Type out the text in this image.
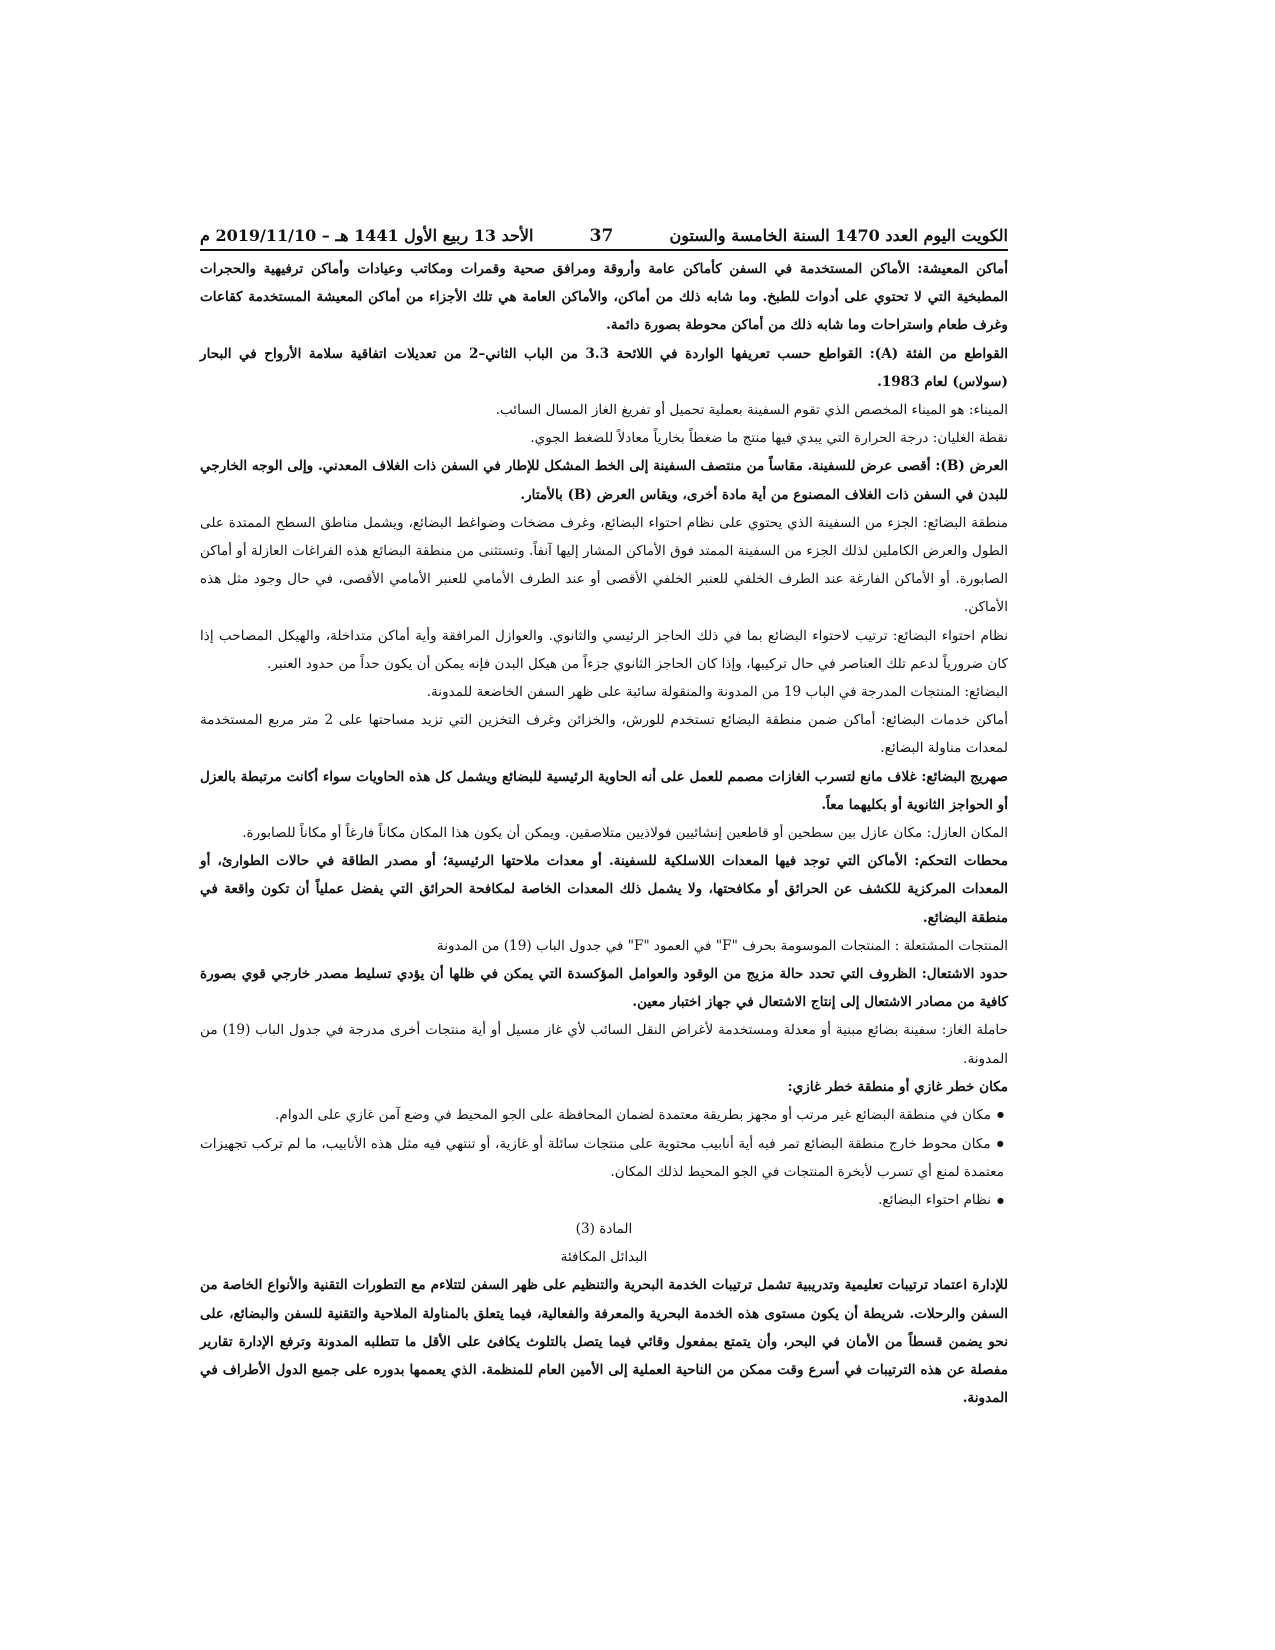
الكويت اليوم العدد 1470 السنة الخامسة والستون
37
الأحد 13 ربيع الأول 1441 هـ – 2019/11/10 م

أماكن المعيشة: الأماكن المستخدمة في السفن كأماكن عامة وأروقة ومرافق صحية وقمرات ومكاتب وعيادات وأماكن ترفيهية والحجرات المطبخية التي لا تحتوي على أدوات للطبخ. وما شابه ذلك من أماكن، والأماكن العامة هي تلك الأجزاء من أماكن المعيشة المستخدمة كقاعات وغرف طعام واستراحات وما شابه ذلك من أماكن محوطة بصورة دائمة.

القواطع من الفئة (A): القواطع حسب تعريفها الواردة في اللائحة 3.3 من الباب الثاني–2 من تعديلات اتفاقية سلامة الأرواح في البحار (سولاس) لعام 1983.

الميناء: هو الميناء المخصص الذي تقوم السفينة بعملية تحميل أو تفريغ الغاز المسال السائب.

نقطة الغليان: درجة الحرارة التي يبدي فيها منتج ما ضغطاً بخارياً معادلاً للضغط الجوي.

العرض (B): أقصى عرض للسفينة. مقاساً من منتصف السفينة إلى الخط المشكل للإطار في السفن ذات الغلاف المعدني. وإلى الوجه الخارجي للبدن في السفن ذات الغلاف المصنوع من أية مادة أخرى، ويقاس العرض (B) بالأمتار.

منطقة البضائع: الجزء من السفينة الذي يحتوي على نظام احتواء البضائع، وغرف مضخات وضواغط البضائع، ويشمل مناطق السطح الممتدة على الطول والعرض الكاملين لذلك الجزء من السفينة الممتد فوق الأماكن المشار إليها آنفاً. وتستثنى من منطقة البضائع هذه الفراغات العازلة أو أماكن الصابورة. أو الأماكن الفارغة عند الطرف الخلفي للعنبر الخلفي الأقصى أو عند الطرف الأمامي للعنبر الأمامي الأقصى، في حال وجود مثل هذه الأماكن.

نظام احتواء البضائع: ترتيب لاحتواء البضائع بما في ذلك الحاجز الرئيسي والثانوي. والعوازل المرافقة وأية أماكن متداخلة، والهيكل المصاحب إذا كان ضرورياً لدعم تلك العناصر في حال تركيبها، وإذا كان الحاجز الثانوي جزءاً من هيكل البدن فإنه يمكن أن يكون حداً من حدود العنبر.

البضائع: المنتجات المدرجة في الباب 19 من المدونة والمنقولة سائبة على ظهر السفن الخاضعة للمدونة.

أماكن خدمات البضائع: أماكن ضمن منطقة البضائع تستخدم للورش، والخزائن وغرف التخزين التي تزيد مساحتها على 2 متر مربع المستخدمة لمعدات مناولة البضائع.

صهريج البضائع: غلاف مانع لتسرب الغازات مصمم للعمل على أنه الحاوية الرئيسية للبضائع ويشمل كل هذه الحاويات سواء أكانت مرتبطة بالعزل أو الحواجز الثانوية أو بكليهما معاً.

المكان العازل: مكان عازل بين سطحين أو قاطعين إنشائيين فولاذيين متلاصقين. ويمكن أن يكون هذا المكان مكاناً فارغاً أو مكاناً للصابورة.

محطات التحكم: الأماكن التي توجد فيها المعدات اللاسلكية للسفينة. أو معدات ملاحتها الرئيسية؛ أو مصدر الطاقة في حالات الطوارئ، أو المعدات المركزية للكشف عن الحرائق أو مكافحتها، ولا يشمل ذلك المعدات الخاصة لمكافحة الحرائق التي يفضل عملياً أن تكون واقعة في منطقة البضائع.

المنتجات المشتعلة : المنتجات الموسومة بحرف "F" في العمود "F" في جدول الباب (19) من المدونة

حدود الاشتعال: الظروف التي تحدد حالة مزيج من الوقود والعوامل المؤكسدة التي يمكن في ظلها أن يؤدي تسليط مصدر خارجي قوي بصورة كافية من مصادر الاشتعال إلى إنتاج الاشتعال في جهاز اختبار معين.

حاملة الغاز: سفينة بضائع مبنية أو معدلة ومستخدمة لأغراض النقل السائب لأي غاز مسيل أو أية منتجات أخرى مدرجة في جدول الباب (19) من المدونة.

مكان خطر غازي أو منطقة خطر غازي:

● مكان في منطقة البضائع غير مرتب أو مجهز بطريقة معتمدة لضمان المحافظة على الجو المحيط في وضع آمن غازي على الدوام.

● مكان محوط خارج منطقة البضائع تمر فيه أية أنابيب محتوية على منتجات سائلة أو غازية، أو تنتهي فيه مثل هذه الأنابيب، ما لم تركب تجهيزات معتمدة لمنع أي تسرب لأبخرة المنتجات في الجو المحيط لذلك المكان.

● نظام احتواء البضائع.

المادة (3)

البدائل المكافئة

للإدارة اعتماد ترتيبات تعليمية وتدريبية تشمل ترتيبات الخدمة البحرية والتنظيم على ظهر السفن لتتلاءم مع التطورات التقنية والأنواع الخاصة من السفن والرحلات. شريطة أن يكون مستوى هذه الخدمة البحرية والمعرفة والفعالية، فيما يتعلق بالمناولة الملاحية والتقنية للسفن والبضائع، على نحو يضمن قسطاً من الأمان في البحر، وأن يتمتع بمفعول وقائي فيما يتصل بالتلوث يكافئ على الأقل ما تتطلبه المدونة وترفع الإدارة تقارير مفصلة عن هذه الترتيبات في أسرع وقت ممكن من الناحية العملية إلى الأمين العام للمنظمة. الذي يعممها بدوره على جميع الدول الأطراف في المدونة.
